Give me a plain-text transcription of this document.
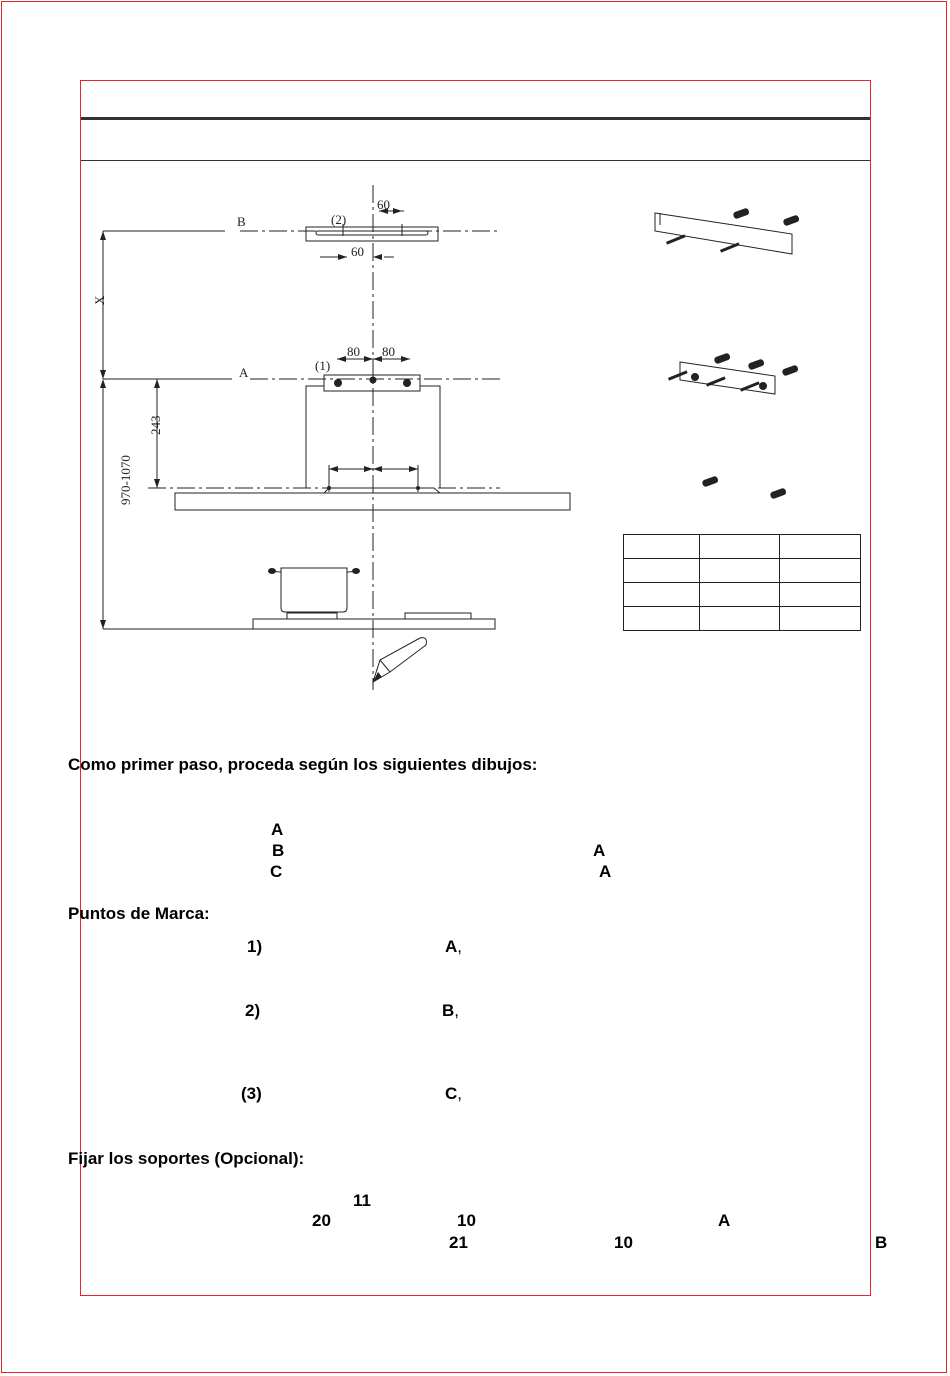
B
A
X
(2)
60
60
(1)
80 80
243
970-1070

Como primer paso, proceda según los siguientes dibujos:
A
B	A
C	A
Puntos de Marca:
1)	A,
2)	B,
(3)	C,
Fijar los soportes (Opcional):
11
20	10	A
21	10	B
